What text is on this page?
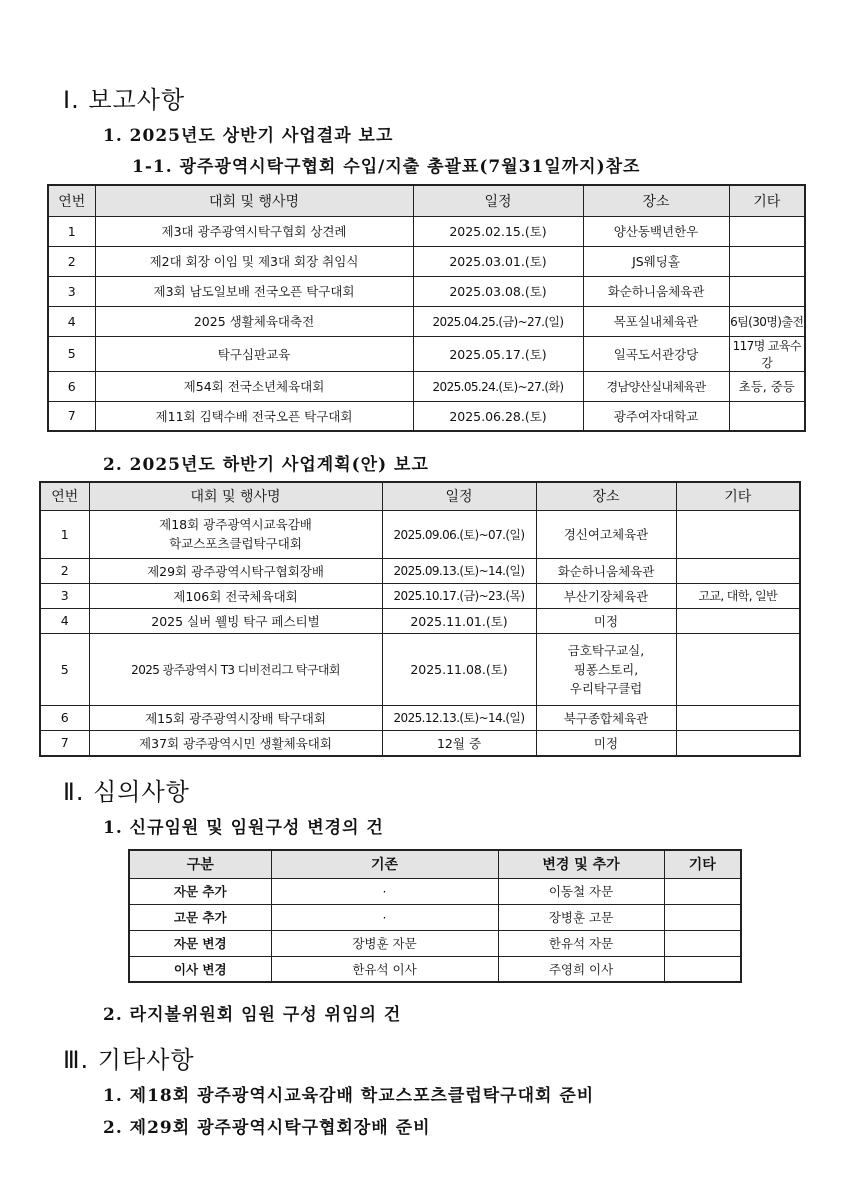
Ⅰ. 보고사항
1. 2025년도 상반기 사업결과 보고
1-1. 광주광역시탁구협회 수입/지출 총괄표(7월31일까지)참조
연번	대회 및 행사명	일정	장소	기타
1	제3대 광주광역시탁구협회 상견례	2025.02.15.(토)	양산동백년한우	
2	제2대 회장 이임 및 제3대 회장 취임식	2025.03.01.(토)	JS웨딩홀	
3	제3회 남도일보배 전국오픈 탁구대회	2025.03.08.(토)	화순하니움체육관	
4	2025 생활체육대축전	2025.04.25.(금)~27.(일)	목포실내체육관	6팀(30명)출전
5	탁구심판교육	2025.05.17.(토)	일곡도서관강당	117명 교육수강
6	제54회 전국소년체육대회	2025.05.24.(토)~27.(화)	경남양산실내체육관	초등, 중등
7	제11회 김택수배 전국오픈 탁구대회	2025.06.28.(토)	광주여자대학교	
2. 2025년도 하반기 사업계획(안) 보고
연번	대회 및 행사명	일정	장소	기타
1	제18회 광주광역시교육감배
학교스포츠클럽탁구대회	2025.09.06.(토)~07.(일)	경신여고체육관	
2	제29회 광주광역시탁구협회장배	2025.09.13.(토)~14.(일)	화순하니움체육관	
3	제106회 전국체육대회	2025.10.17.(금)~23.(목)	부산기장체육관	고교, 대학, 일반
4	2025 실버 웰빙 탁구 페스티벌	2025.11.01.(토)	미정	
5	2025 광주광역시 T3 디비전리그 탁구대회	2025.11.08.(토)	금호탁구교실,
핑퐁스토리,
우리탁구클럽	

6	제15회 광주광역시장배 탁구대회	2025.12.13.(토)~14.(일)	북구종합체육관	
7	제37회 광주광역시민 생활체육대회	12월 중	미정	
Ⅱ. 심의사항
1. 신규임원 및 임원구성 변경의 건
구분	기존	변경 및 추가	기타
자문 추가	·	이동철 자문	
고문 추가	·	장병훈 고문	
자문 변경	장병훈 자문	한유석 자문	
이사 변경	한유석 이사	주영희 이사	
2. 라지볼위원회 임원 구성 위임의 건
Ⅲ. 기타사항
1. 제18회 광주광역시교육감배 학교스포츠클럽탁구대회 준비
2. 제29회 광주광역시탁구협회장배 준비
